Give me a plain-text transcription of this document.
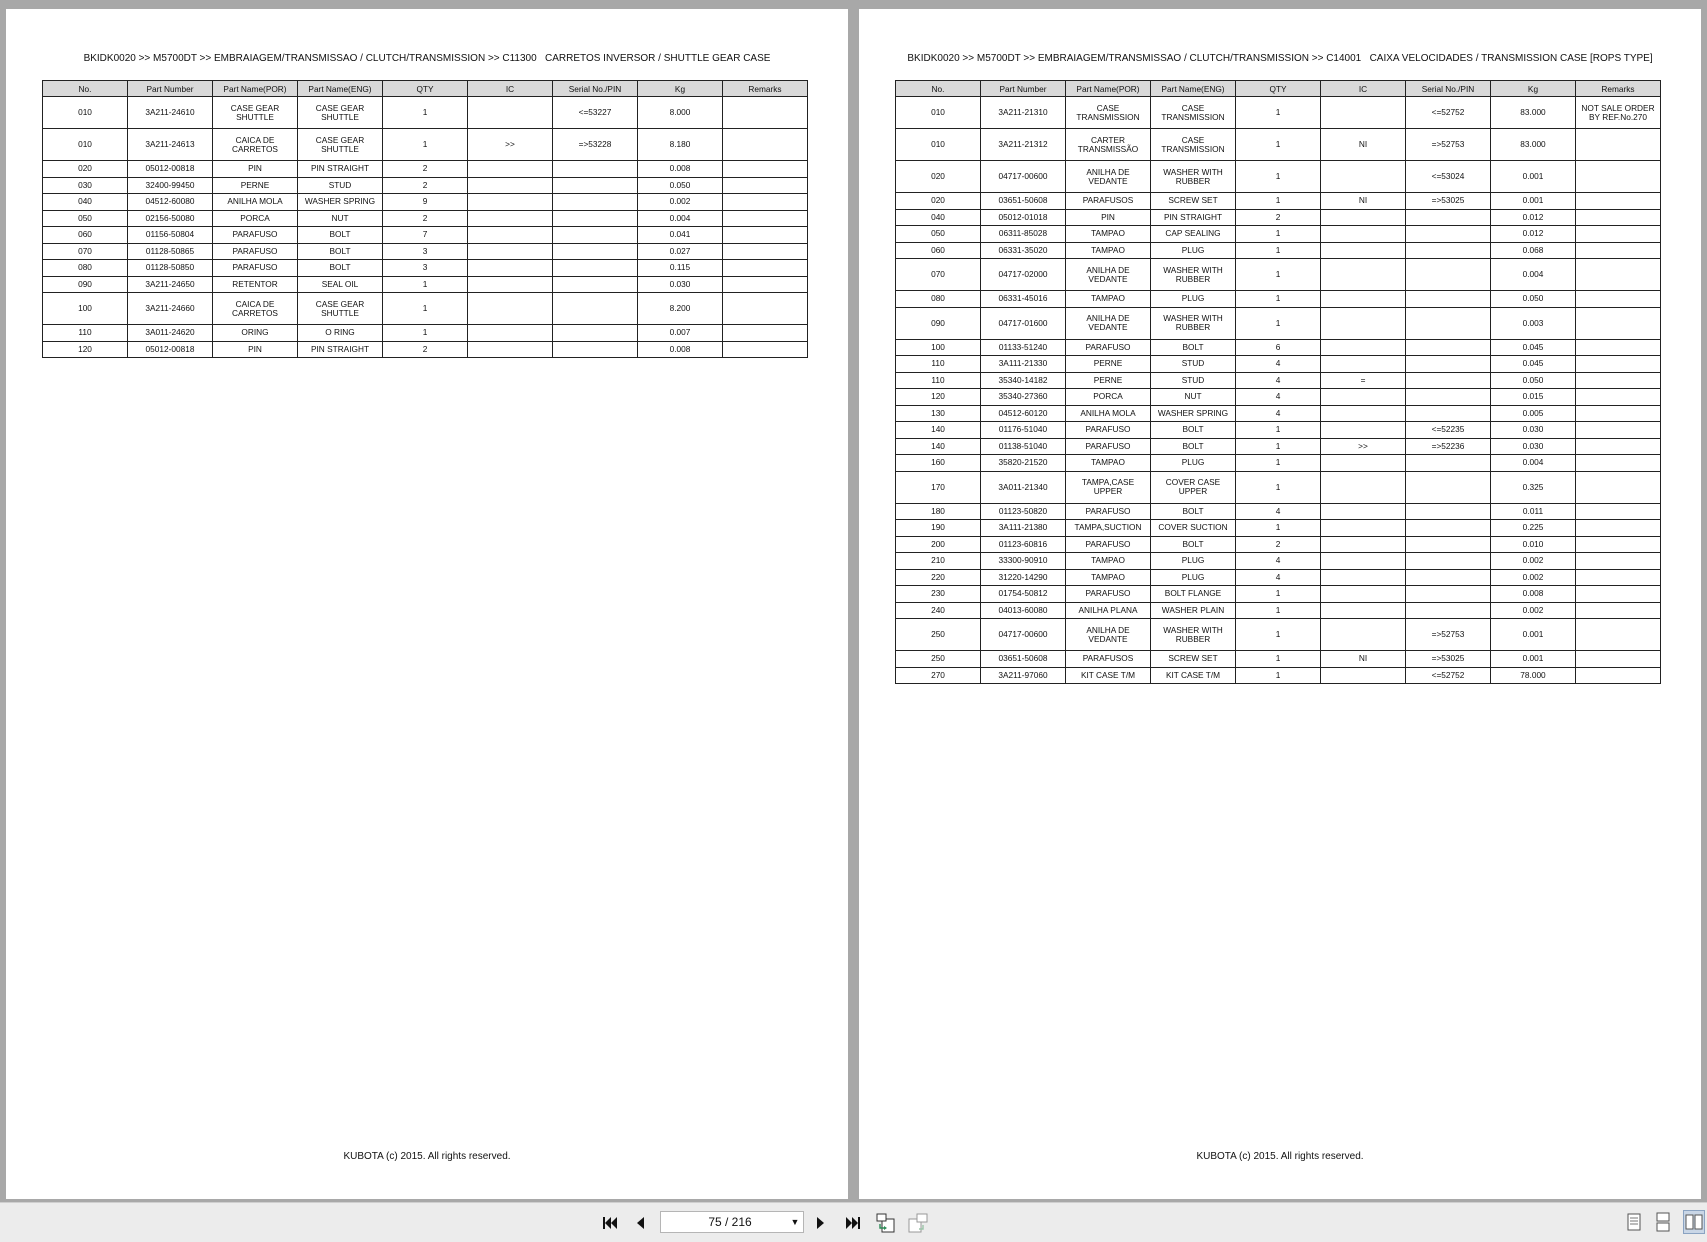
BKIDK0020 >> M5700DT >> EMBRAIAGEM/TRANSMISSAO / CLUTCH/TRANSMISSION >> C11300   CARRETOS INVERSOR / SHUTTLE GEAR CASE
No.	Part Number	Part Name(POR)	Part Name(ENG)	QTY	IC	Serial No./PIN	Kg	Remarks
010	3A211-24610	CASE GEAR SHUTTLE	CASE GEAR SHUTTLE	1		<=53227	8.000	
010	3A211-24613	CAICA DE CARRETOS	CASE GEAR SHUTTLE	1	>>	=>53228	8.180	
020	05012-00818	PIN	PIN STRAIGHT	2			0.008	
030	32400-99450	PERNE	STUD	2			0.050	
040	04512-60080	ANILHA MOLA	WASHER SPRING	9			0.002	
050	02156-50080	PORCA	NUT	2			0.004	
060	01156-50804	PARAFUSO	BOLT	7			0.041	
070	01128-50865	PARAFUSO	BOLT	3			0.027	
080	01128-50850	PARAFUSO	BOLT	3			0.115	
090	3A211-24650	RETENTOR	SEAL OIL	1			0.030	
100	3A211-24660	CAICA DE CARRETOS	CASE GEAR SHUTTLE	1			8.200	
110	3A011-24620	ORING	O RING	1			0.007	
120	05012-00818	PIN	PIN STRAIGHT	2			0.008	
KUBOTA (c) 2015. All rights reserved.
BKIDK0020 >> M5700DT >> EMBRAIAGEM/TRANSMISSAO / CLUTCH/TRANSMISSION >> C14001   CAIXA VELOCIDADES / TRANSMISSION CASE [ROPS TYPE]
No.	Part Number	Part Name(POR)	Part Name(ENG)	QTY	IC	Serial No./PIN	Kg	Remarks
010	3A211-21310	CASE TRANSMISSION	CASE TRANSMISSION	1		<=52752	83.000	NOT SALE ORDER BY REF.No.270
010	3A211-21312	CARTER TRANSMISSÃO	CASE TRANSMISSION	1	NI	=>52753	83.000	
020	04717-00600	ANILHA DE VEDANTE	WASHER WITH RUBBER	1		<=53024	0.001	
020	03651-50608	PARAFUSOS	SCREW SET	1	NI	=>53025	0.001	
040	05012-01018	PIN	PIN STRAIGHT	2			0.012	
050	06311-85028	TAMPAO	CAP SEALING	1			0.012	
060	06331-35020	TAMPAO	PLUG	1			0.068	
070	04717-02000	ANILHA DE VEDANTE	WASHER WITH RUBBER	1			0.004	
080	06331-45016	TAMPAO	PLUG	1			0.050	
090	04717-01600	ANILHA DE VEDANTE	WASHER WITH RUBBER	1			0.003	
100	01133-51240	PARAFUSO	BOLT	6			0.045	
110	3A111-21330	PERNE	STUD	4			0.045	
110	35340-14182	PERNE	STUD	4	=		0.050	
120	35340-27360	PORCA	NUT	4			0.015	
130	04512-60120	ANILHA MOLA	WASHER SPRING	4			0.005	
140	01176-51040	PARAFUSO	BOLT	1		<=52235	0.030	
140	01138-51040	PARAFUSO	BOLT	1	>>	=>52236	0.030	
160	35820-21520	TAMPAO	PLUG	1			0.004	
170	3A011-21340	TAMPA,CASE UPPER	COVER CASE UPPER	1			0.325	
180	01123-50820	PARAFUSO	BOLT	4			0.011	
190	3A111-21380	TAMPA,SUCTION	COVER SUCTION	1			0.225	
200	01123-60816	PARAFUSO	BOLT	2			0.010	
210	33300-90910	TAMPAO	PLUG	4			0.002	
220	31220-14290	TAMPAO	PLUG	4			0.002	
230	01754-50812	PARAFUSO	BOLT FLANGE	1			0.008	
240	04013-60080	ANILHA PLANA	WASHER PLAIN	1			0.002	
250	04717-00600	ANILHA DE VEDANTE	WASHER WITH RUBBER	1		=>52753	0.001	
250	03651-50608	PARAFUSOS	SCREW SET	1	NI	=>53025	0.001	
270	3A211-97060	KIT CASE T/M	KIT CASE T/M	1		<=52752	78.000	
KUBOTA (c) 2015. All rights reserved.
75 / 216	▼
